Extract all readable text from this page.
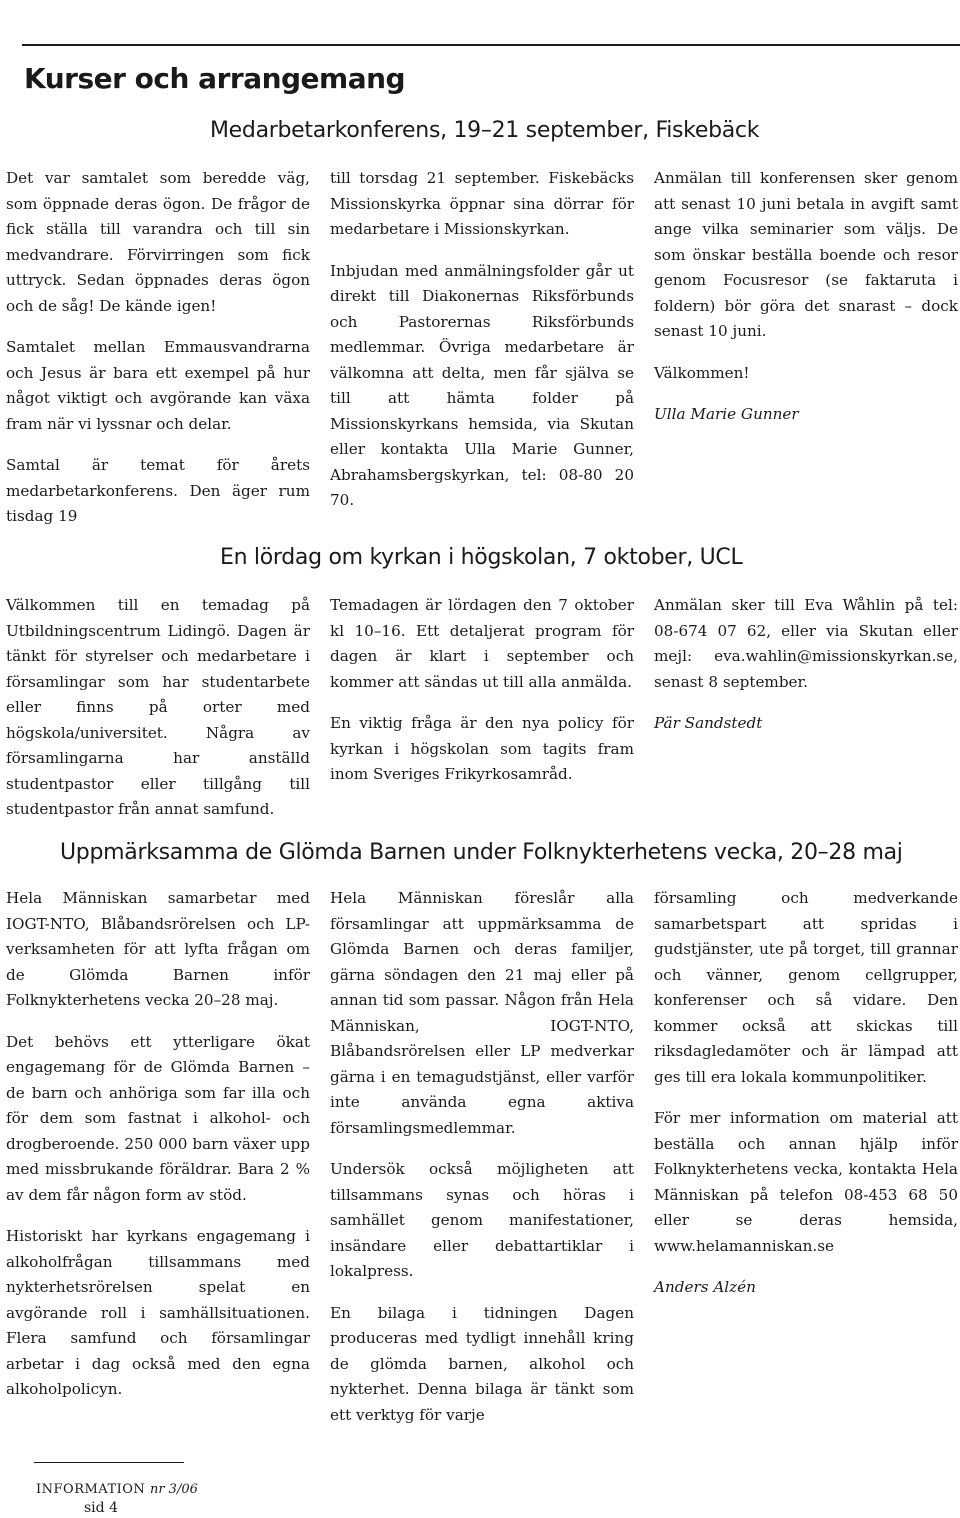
Kurser och arrangemang
Medarbetarkonferens, 19–21 september, Fiskebäck

Det var samtalet som beredde väg, som öppnade deras ögon. De frågor de fick ställa till varandra och till sin medvandrare. Förvirringen som fick uttryck. Sedan öppnades deras ögon och de såg! De kände igen!

Samtalet mellan Emmausvandrarna och Jesus är bara ett exempel på hur något viktigt och avgörande kan växa fram när vi lyssnar och delar.

Samtal är temat för årets medarbetarkonferens. Den äger rum tisdag 19

till torsdag 21 september. Fiskebäcks Missionskyrka öppnar sina dörrar för medarbetare i Missionskyrkan.

Inbjudan med anmälningsfolder går ut direkt till Diakonernas Riksförbunds och Pastorernas Riksförbunds medlemmar. Övriga medarbetare är välkomna att delta, men får själva se till att hämta folder på Missionskyrkans hemsida, via Skutan eller kontakta Ulla Marie Gunner, Abrahamsbergskyrkan, tel: 08-80 20 70.

Anmälan till konferensen sker genom att senast 10 juni betala in avgift samt ange vilka seminarier som väljs. De som önskar beställa boende och resor genom Focusresor (se faktaruta i foldern) bör göra det snarast – dock senast 10 juni.

Välkommen!

Ulla Marie Gunner

En lördag om kyrkan i högskolan, 7 oktober, UCL

Välkommen till en temadag på Utbildningscentrum Lidingö. Dagen är tänkt för styrelser och medarbetare i församlingar som har studentarbete eller finns på orter med högskola/universitet. Några av församlingarna har anställd studentpastor eller tillgång till studentpastor från annat samfund.

Temadagen är lördagen den 7 oktober kl 10–16. Ett detaljerat program för dagen är klart i september och kommer att sändas ut till alla anmälda.

En viktig fråga är den nya policy för kyrkan i högskolan som tagits fram inom Sveriges Frikyrkosamråd.

Anmälan sker till Eva Wåhlin på tel: 08-674 07 62, eller via Skutan eller mejl: eva.wahlin@missionskyrkan.se, senast 8 september.

Pär Sandstedt

Uppmärksamma de Glömda Barnen under Folknykterhetens vecka, 20–28 maj

Hela Människan samarbetar med IOGT-NTO, Blåbandsrörelsen och LP-verksamheten för att lyfta frågan om de Glömda Barnen inför Folknykterhetens vecka 20–28 maj.

Det behövs ett ytterligare ökat engagemang för de Glömda Barnen – de barn och anhöriga som far illa och för dem som fastnat i alkohol- och drogberoende. 250 000 barn växer upp med missbrukande föräldrar. Bara 2 % av dem får någon form av stöd.

Historiskt har kyrkans engagemang i alkoholfrågan tillsammans med nykterhetsrörelsen spelat en avgörande roll i samhällsituationen. Flera samfund och församlingar arbetar i dag också med den egna alkoholpolicyn.

Hela Människan föreslår alla församlingar att uppmärksamma de Glömda Barnen och deras familjer, gärna söndagen den 21 maj eller på annan tid som passar. Någon från Hela Människan, IOGT-NTO, Blåbandsrörelsen eller LP medverkar gärna i en temagudstjänst, eller varför inte använda egna aktiva församlingsmedlemmar.

Undersök också möjligheten att tillsammans synas och höras i samhället genom manifestationer, insändare eller debattartiklar i lokalpress.

En bilaga i tidningen Dagen produceras med tydligt innehåll kring de glömda barnen, alkohol och nykterhet. Denna bilaga är tänkt som ett verktyg för varje

församling och medverkande samarbetspart att spridas i gudstjänster, ute på torget, till grannar och vänner, genom cellgrupper, konferenser och så vidare. Den kommer också att skickas till riksdagledamöter och är lämpad att ges till era lokala kommunpolitiker.

För mer information om material att beställa och annan hjälp inför Folknykterhetens vecka, kontakta Hela Människan på telefon 08-453 68 50 eller se deras hemsida, www.helamanniskan.se

Anders Alzén

INFORMATION nr 3/06
sid 4
